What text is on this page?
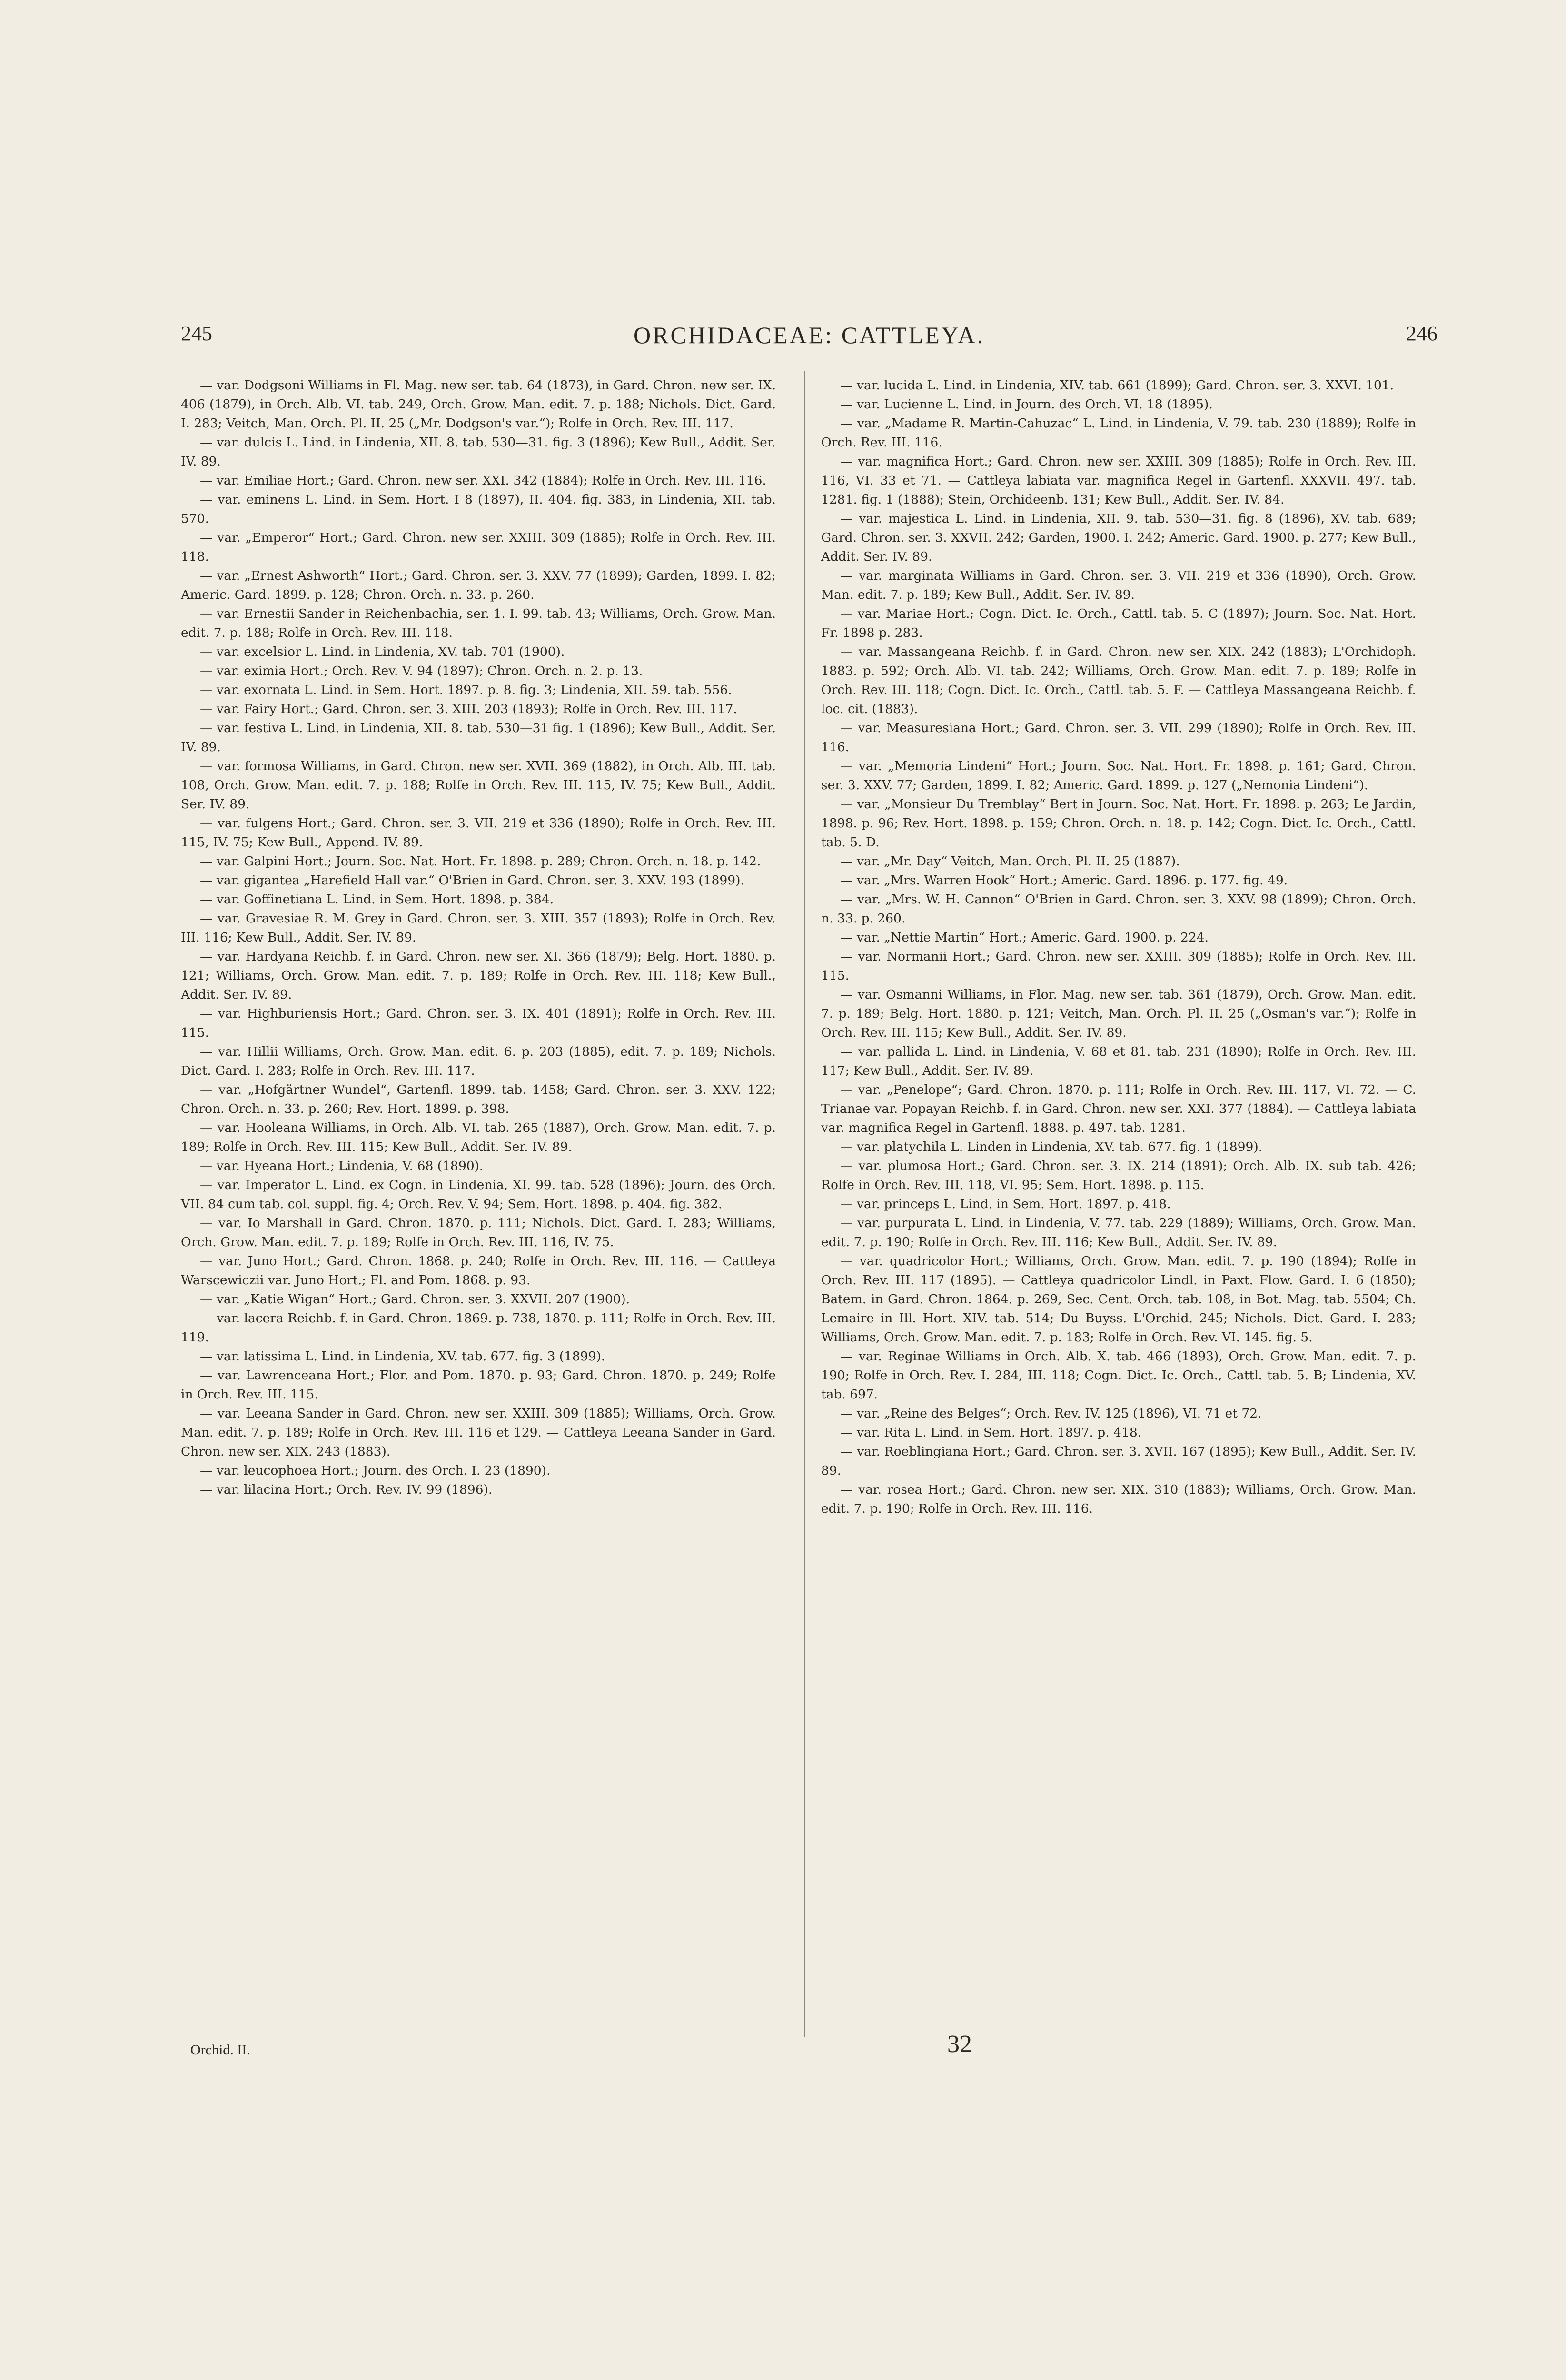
245	ORCHIDACEAE: CATTLEYA.	246

— var. Dodgsoni Williams in Fl. Mag. new ser. tab. 64 (1873), in Gard. Chron. new ser. IX. 406 (1879), in Orch. Alb. VI. tab. 249, Orch. Grow. Man. edit. 7. p. 188; Nichols. Dict. Gard. I. 283; Veitch, Man. Orch. Pl. II. 25 („Mr. Dodgson's var.“); Rolfe in Orch. Rev. III. 117.

— var. dulcis L. Lind. in Lindenia, XII. 8. tab. 530—31. fig. 3 (1896); Kew Bull., Addit. Ser. IV. 89.

— var. Emiliae Hort.; Gard. Chron. new ser. XXI. 342 (1884); Rolfe in Orch. Rev. III. 116.

— var. eminens L. Lind. in Sem. Hort. I 8 (1897), II. 404. fig. 383, in Lindenia, XII. tab. 570.

— var. „Emperor“ Hort.; Gard. Chron. new ser. XXIII. 309 (1885); Rolfe in Orch. Rev. III. 118.

— var. „Ernest Ashworth“ Hort.; Gard. Chron. ser. 3. XXV. 77 (1899); Garden, 1899. I. 82; Americ. Gard. 1899. p. 128; Chron. Orch. n. 33. p. 260.

— var. Ernestii Sander in Reichenbachia, ser. 1. I. 99. tab. 43; Williams, Orch. Grow. Man. edit. 7. p. 188; Rolfe in Orch. Rev. III. 118.

— var. excelsior L. Lind. in Lindenia, XV. tab. 701 (1900).

— var. eximia Hort.; Orch. Rev. V. 94 (1897); Chron. Orch. n. 2. p. 13.

— var. exornata L. Lind. in Sem. Hort. 1897. p. 8. fig. 3; Lindenia, XII. 59. tab. 556.

— var. Fairy Hort.; Gard. Chron. ser. 3. XIII. 203 (1893); Rolfe in Orch. Rev. III. 117.

— var. festiva L. Lind. in Lindenia, XII. 8. tab. 530—31 fig. 1 (1896); Kew Bull., Addit. Ser. IV. 89.

— var. formosa Williams, in Gard. Chron. new ser. XVII. 369 (1882), in Orch. Alb. III. tab. 108, Orch. Grow. Man. edit. 7. p. 188; Rolfe in Orch. Rev. III. 115, IV. 75; Kew Bull., Addit. Ser. IV. 89.

— var. fulgens Hort.; Gard. Chron. ser. 3. VII. 219 et 336 (1890); Rolfe in Orch. Rev. III. 115, IV. 75; Kew Bull., Append. IV. 89.

— var. Galpini Hort.; Journ. Soc. Nat. Hort. Fr. 1898. p. 289; Chron. Orch. n. 18. p. 142.

— var. gigantea „Harefield Hall var.“ O'Brien in Gard. Chron. ser. 3. XXV. 193 (1899).

— var. Goffinetiana L. Lind. in Sem. Hort. 1898. p. 384.

— var. Gravesiae R. M. Grey in Gard. Chron. ser. 3. XIII. 357 (1893); Rolfe in Orch. Rev. III. 116; Kew Bull., Addit. Ser. IV. 89.

— var. Hardyana Reichb. f. in Gard. Chron. new ser. XI. 366 (1879); Belg. Hort. 1880. p. 121; Williams, Orch. Grow. Man. edit. 7. p. 189; Rolfe in Orch. Rev. III. 118; Kew Bull., Addit. Ser. IV. 89.

— var. Highburiensis Hort.; Gard. Chron. ser. 3. IX. 401 (1891); Rolfe in Orch. Rev. III. 115.

— var. Hillii Williams, Orch. Grow. Man. edit. 6. p. 203 (1885), edit. 7. p. 189; Nichols. Dict. Gard. I. 283; Rolfe in Orch. Rev. III. 117.

— var. „Hofgärtner Wundel“, Gartenfl. 1899. tab. 1458; Gard. Chron. ser. 3. XXV. 122; Chron. Orch. n. 33. p. 260; Rev. Hort. 1899. p. 398.

— var. Hooleana Williams, in Orch. Alb. VI. tab. 265 (1887), Orch. Grow. Man. edit. 7. p. 189; Rolfe in Orch. Rev. III. 115; Kew Bull., Addit. Ser. IV. 89.

— var. Hyeana Hort.; Lindenia, V. 68 (1890).

— var. Imperator L. Lind. ex Cogn. in Lindenia, XI. 99. tab. 528 (1896); Journ. des Orch. VII. 84 cum tab. col. suppl. fig. 4; Orch. Rev. V. 94; Sem. Hort. 1898. p. 404. fig. 382.

— var. Io Marshall in Gard. Chron. 1870. p. 111; Nichols. Dict. Gard. I. 283; Williams, Orch. Grow. Man. edit. 7. p. 189; Rolfe in Orch. Rev. III. 116, IV. 75.

— var. Juno Hort.; Gard. Chron. 1868. p. 240; Rolfe in Orch. Rev. III. 116. — Cattleya Warscewiczii var. Juno Hort.; Fl. and Pom. 1868. p. 93.

— var. „Katie Wigan“ Hort.; Gard. Chron. ser. 3. XXVII. 207 (1900).

— var. lacera Reichb. f. in Gard. Chron. 1869. p. 738, 1870. p. 111; Rolfe in Orch. Rev. III. 119.

— var. latissima L. Lind. in Lindenia, XV. tab. 677. fig. 3 (1899).

— var. Lawrenceana Hort.; Flor. and Pom. 1870. p. 93; Gard. Chron. 1870. p. 249; Rolfe in Orch. Rev. III. 115.

— var. Leeana Sander in Gard. Chron. new ser. XXIII. 309 (1885); Williams, Orch. Grow. Man. edit. 7. p. 189; Rolfe in Orch. Rev. III. 116 et 129. — Cattleya Leeana Sander in Gard. Chron. new ser. XIX. 243 (1883).

— var. leucophoea Hort.; Journ. des Orch. I. 23 (1890).

— var. lilacina Hort.; Orch. Rev. IV. 99 (1896).

— var. lucida L. Lind. in Lindenia, XIV. tab. 661 (1899); Gard. Chron. ser. 3. XXVI. 101.

— var. Lucienne L. Lind. in Journ. des Orch. VI. 18 (1895).

— var. „Madame R. Martin-Cahuzac“ L. Lind. in Lindenia, V. 79. tab. 230 (1889); Rolfe in Orch. Rev. III. 116.

— var. magnifica Hort.; Gard. Chron. new ser. XXIII. 309 (1885); Rolfe in Orch. Rev. III. 116, VI. 33 et 71. — Cattleya labiata var. magnifica Regel in Gartenfl. XXXVII. 497. tab. 1281. fig. 1 (1888); Stein, Orchideenb. 131; Kew Bull., Addit. Ser. IV. 84.

— var. majestica L. Lind. in Lindenia, XII. 9. tab. 530—31. fig. 8 (1896), XV. tab. 689; Gard. Chron. ser. 3. XXVII. 242; Garden, 1900. I. 242; Americ. Gard. 1900. p. 277; Kew Bull., Addit. Ser. IV. 89.

— var. marginata Williams in Gard. Chron. ser. 3. VII. 219 et 336 (1890), Orch. Grow. Man. edit. 7. p. 189; Kew Bull., Addit. Ser. IV. 89.

— var. Mariae Hort.; Cogn. Dict. Ic. Orch., Cattl. tab. 5. C (1897); Journ. Soc. Nat. Hort. Fr. 1898 p. 283.

— var. Massangeana Reichb. f. in Gard. Chron. new ser. XIX. 242 (1883); L'Orchidoph. 1883. p. 592; Orch. Alb. VI. tab. 242; Williams, Orch. Grow. Man. edit. 7. p. 189; Rolfe in Orch. Rev. III. 118; Cogn. Dict. Ic. Orch., Cattl. tab. 5. F. — Cattleya Massangeana Reichb. f. loc. cit. (1883).

— var. Measuresiana Hort.; Gard. Chron. ser. 3. VII. 299 (1890); Rolfe in Orch. Rev. III. 116.

— var. „Memoria Lindeni“ Hort.; Journ. Soc. Nat. Hort. Fr. 1898. p. 161; Gard. Chron. ser. 3. XXV. 77; Garden, 1899. I. 82; Americ. Gard. 1899. p. 127 („Nemonia Lindeni“).

— var. „Monsieur Du Tremblay“ Bert in Journ. Soc. Nat. Hort. Fr. 1898. p. 263; Le Jardin, 1898. p. 96; Rev. Hort. 1898. p. 159; Chron. Orch. n. 18. p. 142; Cogn. Dict. Ic. Orch., Cattl. tab. 5. D.

— var. „Mr. Day“ Veitch, Man. Orch. Pl. II. 25 (1887).

— var. „Mrs. Warren Hook“ Hort.; Americ. Gard. 1896. p. 177. fig. 49.

— var. „Mrs. W. H. Cannon“ O'Brien in Gard. Chron. ser. 3. XXV. 98 (1899); Chron. Orch. n. 33. p. 260.

— var. „Nettie Martin“ Hort.; Americ. Gard. 1900. p. 224.

— var. Normanii Hort.; Gard. Chron. new ser. XXIII. 309 (1885); Rolfe in Orch. Rev. III. 115.

— var. Osmanni Williams, in Flor. Mag. new ser. tab. 361 (1879), Orch. Grow. Man. edit. 7. p. 189; Belg. Hort. 1880. p. 121; Veitch, Man. Orch. Pl. II. 25 („Osman's var.“); Rolfe in Orch. Rev. III. 115; Kew Bull., Addit. Ser. IV. 89.

— var. pallida L. Lind. in Lindenia, V. 68 et 81. tab. 231 (1890); Rolfe in Orch. Rev. III. 117; Kew Bull., Addit. Ser. IV. 89.

— var. „Penelope“; Gard. Chron. 1870. p. 111; Rolfe in Orch. Rev. III. 117, VI. 72. — C. Trianae var. Popayan Reichb. f. in Gard. Chron. new ser. XXI. 377 (1884). — Cattleya labiata var. magnifica Regel in Gartenfl. 1888. p. 497. tab. 1281.

— var. platychila L. Linden in Lindenia, XV. tab. 677. fig. 1 (1899).

— var. plumosa Hort.; Gard. Chron. ser. 3. IX. 214 (1891); Orch. Alb. IX. sub tab. 426; Rolfe in Orch. Rev. III. 118, VI. 95; Sem. Hort. 1898. p. 115.

— var. princeps L. Lind. in Sem. Hort. 1897. p. 418.

— var. purpurata L. Lind. in Lindenia, V. 77. tab. 229 (1889); Williams, Orch. Grow. Man. edit. 7. p. 190; Rolfe in Orch. Rev. III. 116; Kew Bull., Addit. Ser. IV. 89.

— var. quadricolor Hort.; Williams, Orch. Grow. Man. edit. 7. p. 190 (1894); Rolfe in Orch. Rev. III. 117 (1895). — Cattleya quadricolor Lindl. in Paxt. Flow. Gard. I. 6 (1850); Batem. in Gard. Chron. 1864. p. 269, Sec. Cent. Orch. tab. 108, in Bot. Mag. tab. 5504; Ch. Lemaire in Ill. Hort. XIV. tab. 514; Du Buyss. L'Orchid. 245; Nichols. Dict. Gard. I. 283; Williams, Orch. Grow. Man. edit. 7. p. 183; Rolfe in Orch. Rev. VI. 145. fig. 5.

— var. Reginae Williams in Orch. Alb. X. tab. 466 (1893), Orch. Grow. Man. edit. 7. p. 190; Rolfe in Orch. Rev. I. 284, III. 118; Cogn. Dict. Ic. Orch., Cattl. tab. 5. B; Lindenia, XV. tab. 697.

— var. „Reine des Belges“; Orch. Rev. IV. 125 (1896), VI. 71 et 72.

— var. Rita L. Lind. in Sem. Hort. 1897. p. 418.

— var. Roeblingiana Hort.; Gard. Chron. ser. 3. XVII. 167 (1895); Kew Bull., Addit. Ser. IV. 89.

— var. rosea Hort.; Gard. Chron. new ser. XIX. 310 (1883); Williams, Orch. Grow. Man. edit. 7. p. 190; Rolfe in Orch. Rev. III. 116.

Orchid. II.	32
